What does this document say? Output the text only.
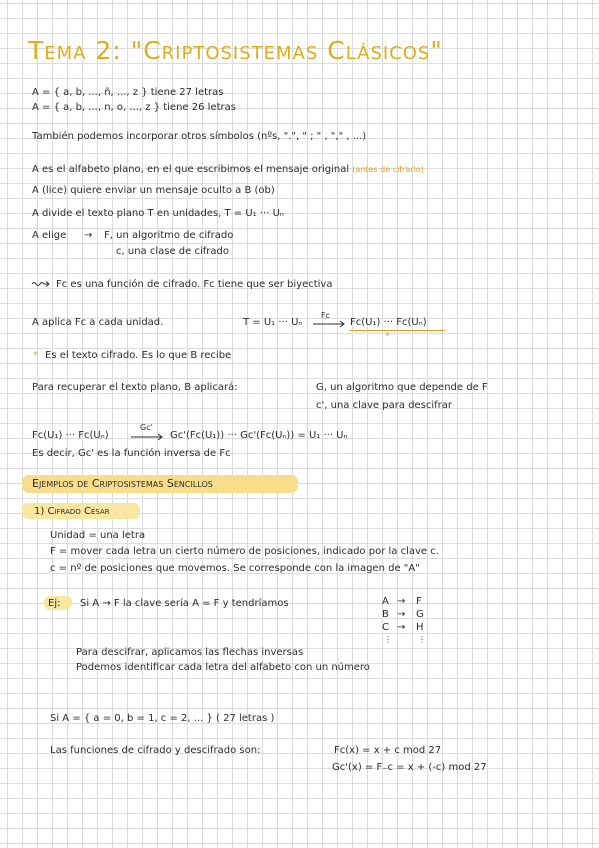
Tema 2: "Criptosistemas Clásicos"
A = { a, b, ..., ñ, ..., z } tiene 27 letras
A = { a, b, ..., n, o, ..., z } tiene 26 letras
También podemos incorporar otros símbolos (nºs, ".", " ; " , "," , ...)
A es el alfabeto plano, en el que escribimos el mensaje original (antes de cifrarlo)
A (lice) quiere enviar un mensaje oculto a B (ob)
A divide el texto plano T en unidades, T = U₁ ··· Uₙ
A elige → F, un algoritmo de cifrado
c, una clase de cifrado
Fc es una función de cifrado. Fc tiene que ser biyectiva
A aplica Fc a cada unidad.	T = U₁ ··· Uₙ
Fc
Fc(U₁) ··· Fc(Uₙ)
*
* Es el texto cifrado. Es lo que B recibe
Para recuperar el texto plano, B aplicará:	G, un algoritmo que depende de F
c', una clave para descifrar
Fc(U₁) ··· Fc(Uₙ)
Gc'
Gc'(Fc(U₁)) ··· Gc'(Fc(Uₙ)) = U₁ ··· Uₙ
Es decir, Gc' es la función inversa de Fc
Ejemplos de Criptosistemas Sencillos
1) Cifrado César
Unidad = una letra
F = mover cada letra un cierto número de posiciones, indicado por la clave c.
c = nº de posiciones que movemos. Se corresponde con la imagen de "A"
Ej: Si A → F la clave sería A = F y tendríamos	A → F
B → G
C → H
⋮	⋮
Para descifrar, aplicamos las flechas inversas
Podemos identificar cada letra del alfabeto con un número
Si A = { a = 0, b = 1, c = 2, ... } ( 27 letras )
Las funciones de cifrado y descifrado son:	Fc(x) = x + c mod 27
Gc'(x) = F₋c = x + (-c) mod 27
